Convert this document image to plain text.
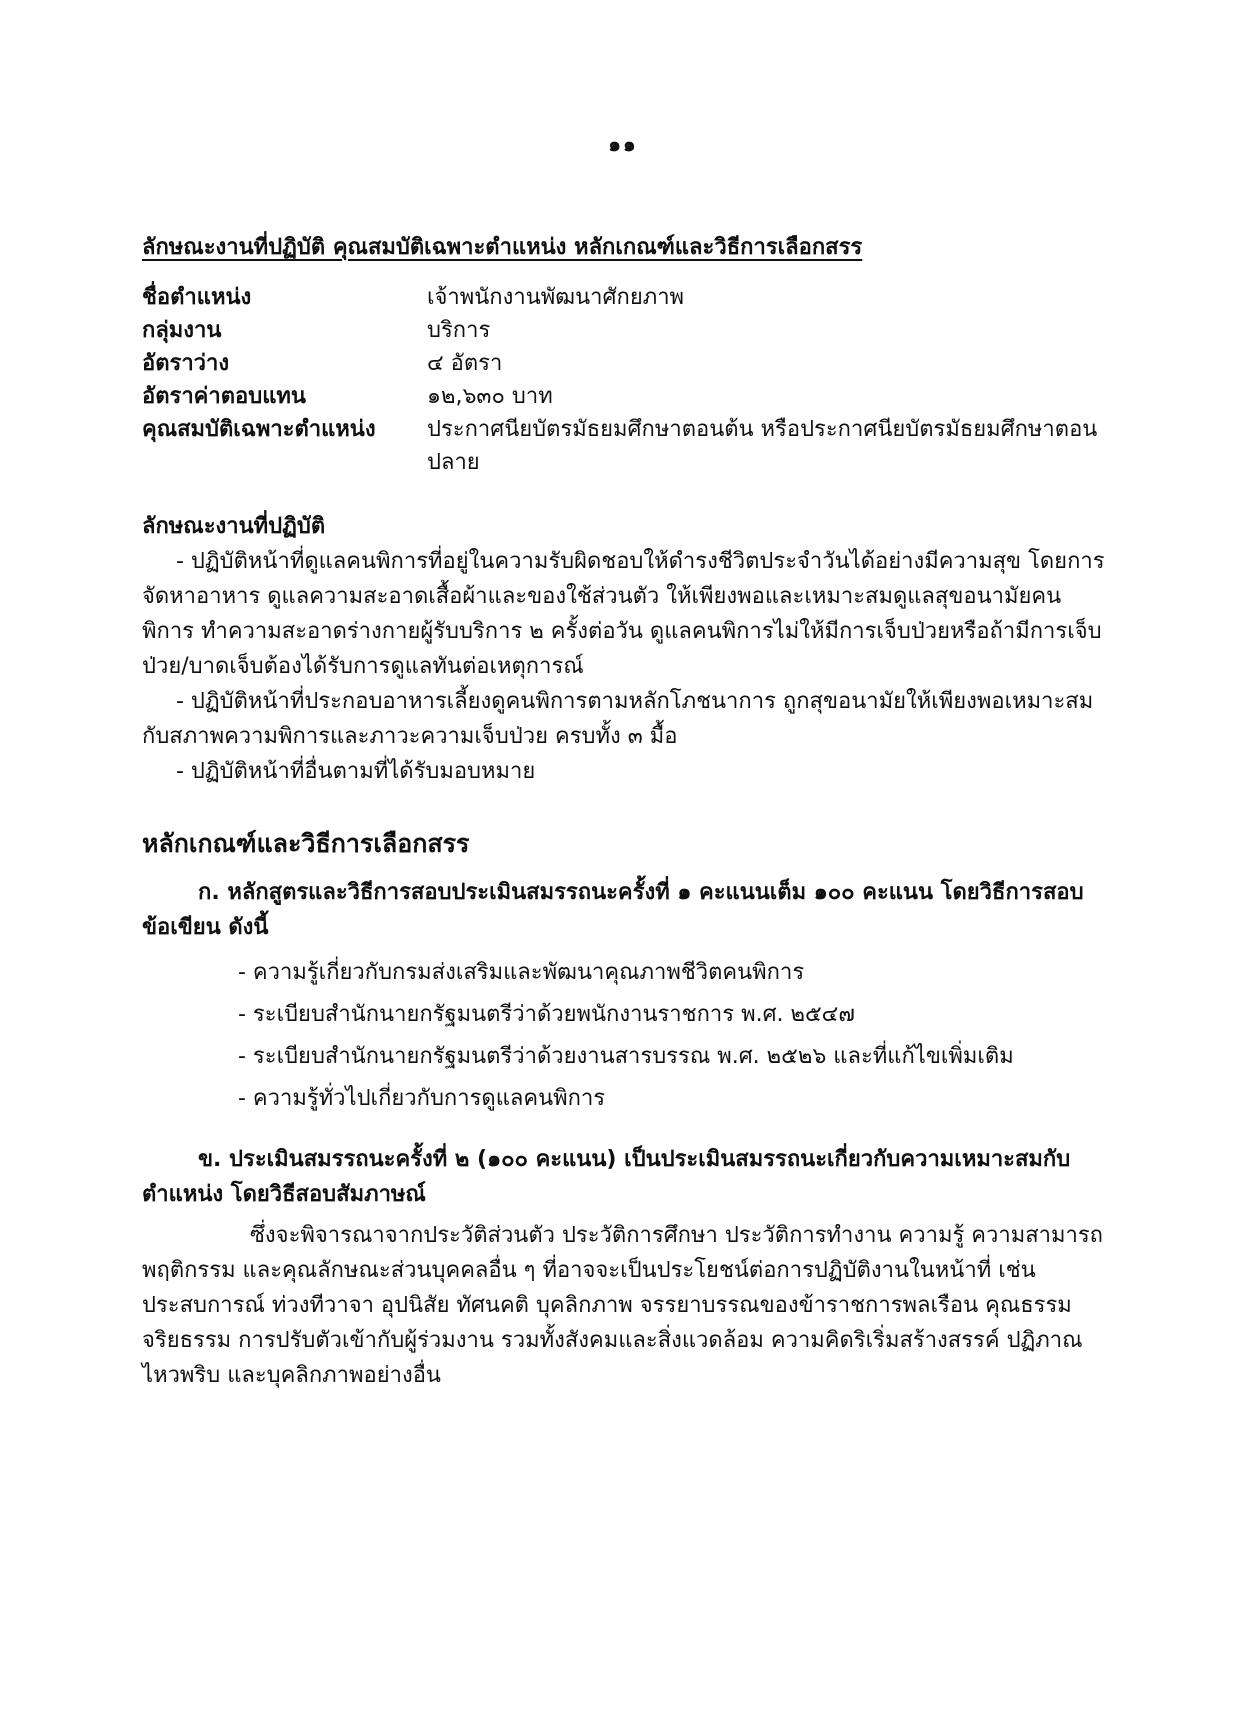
๑๑
ลักษณะงานที่ปฏิบัติ คุณสมบัติเฉพาะตำแหน่ง หลักเกณฑ์และวิธีการเลือกสรร
ชื่อตำแหน่ง	เจ้าพนักงานพัฒนาศักยภาพ
กลุ่มงาน	บริการ
อัตราว่าง	๔ อัตรา
อัตราค่าตอบแทน	๑๒,๖๓๐ บาท
คุณสมบัติเฉพาะตำแหน่ง	ประกาศนียบัตรมัธยมศึกษาตอนต้น หรือประกาศนียบัตรมัธยมศึกษาตอนปลาย
ลักษณะงานที่ปฏิบัติ
- ปฏิบัติหน้าที่ดูแลคนพิการที่อยู่ในความรับผิดชอบให้ดำรงชีวิตประจำวันได้อย่างมีความสุข โดยการจัดหาอาหาร ดูแลความสะอาดเสื้อผ้าและของใช้ส่วนตัว ให้เพียงพอและเหมาะสมดูแลสุขอนามัยคนพิการ ทำความสะอาดร่างกายผู้รับบริการ ๒ ครั้งต่อวัน ดูแลคนพิการไม่ให้มีการเจ็บป่วยหรือถ้ามีการเจ็บป่วย/บาดเจ็บต้องได้รับการดูแลทันต่อเหตุการณ์
- ปฏิบัติหน้าที่ประกอบอาหารเลี้ยงดูคนพิการตามหลักโภชนาการ ถูกสุขอนามัยให้เพียงพอเหมาะสมกับสภาพความพิการและภาวะความเจ็บป่วย ครบทั้ง ๓ มื้อ
- ปฏิบัติหน้าที่อื่นตามที่ได้รับมอบหมาย
หลักเกณฑ์และวิธีการเลือกสรร
ก. หลักสูตรและวิธีการสอบประเมินสมรรถนะครั้งที่ ๑ คะแนนเต็ม ๑๐๐ คะแนน โดยวิธีการสอบข้อเขียน ดังนี้
- ความรู้เกี่ยวกับกรมส่งเสริมและพัฒนาคุณภาพชีวิตคนพิการ
- ระเบียบสำนักนายกรัฐมนตรีว่าด้วยพนักงานราชการ พ.ศ. ๒๕๔๗
- ระเบียบสำนักนายกรัฐมนตรีว่าด้วยงานสารบรรณ พ.ศ. ๒๕๒๖ และที่แก้ไขเพิ่มเติม
- ความรู้ทั่วไปเกี่ยวกับการดูแลคนพิการ
ข. ประเมินสมรรถนะครั้งที่ ๒ (๑๐๐ คะแนน) เป็นประเมินสมรรถนะเกี่ยวกับความเหมาะสมกับตำแหน่ง โดยวิธีสอบสัมภาษณ์
ซึ่งจะพิจารณาจากประวัติส่วนตัว ประวัติการศึกษา ประวัติการทำงาน ความรู้ ความสามารถ พฤติกรรม และคุณลักษณะส่วนบุคคลอื่น ๆ ที่อาจจะเป็นประโยชน์ต่อการปฏิบัติงานในหน้าที่ เช่น ประสบการณ์ ท่วงทีวาจา อุปนิสัย ทัศนคติ บุคลิกภาพ จรรยาบรรณของข้าราชการพลเรือน คุณธรรม จริยธรรม การปรับตัวเข้ากับผู้ร่วมงาน รวมทั้งสังคมและสิ่งแวดล้อม ความคิดริเริ่มสร้างสรรค์ ปฏิภาณไหวพริบ และบุคลิกภาพอย่างอื่น
